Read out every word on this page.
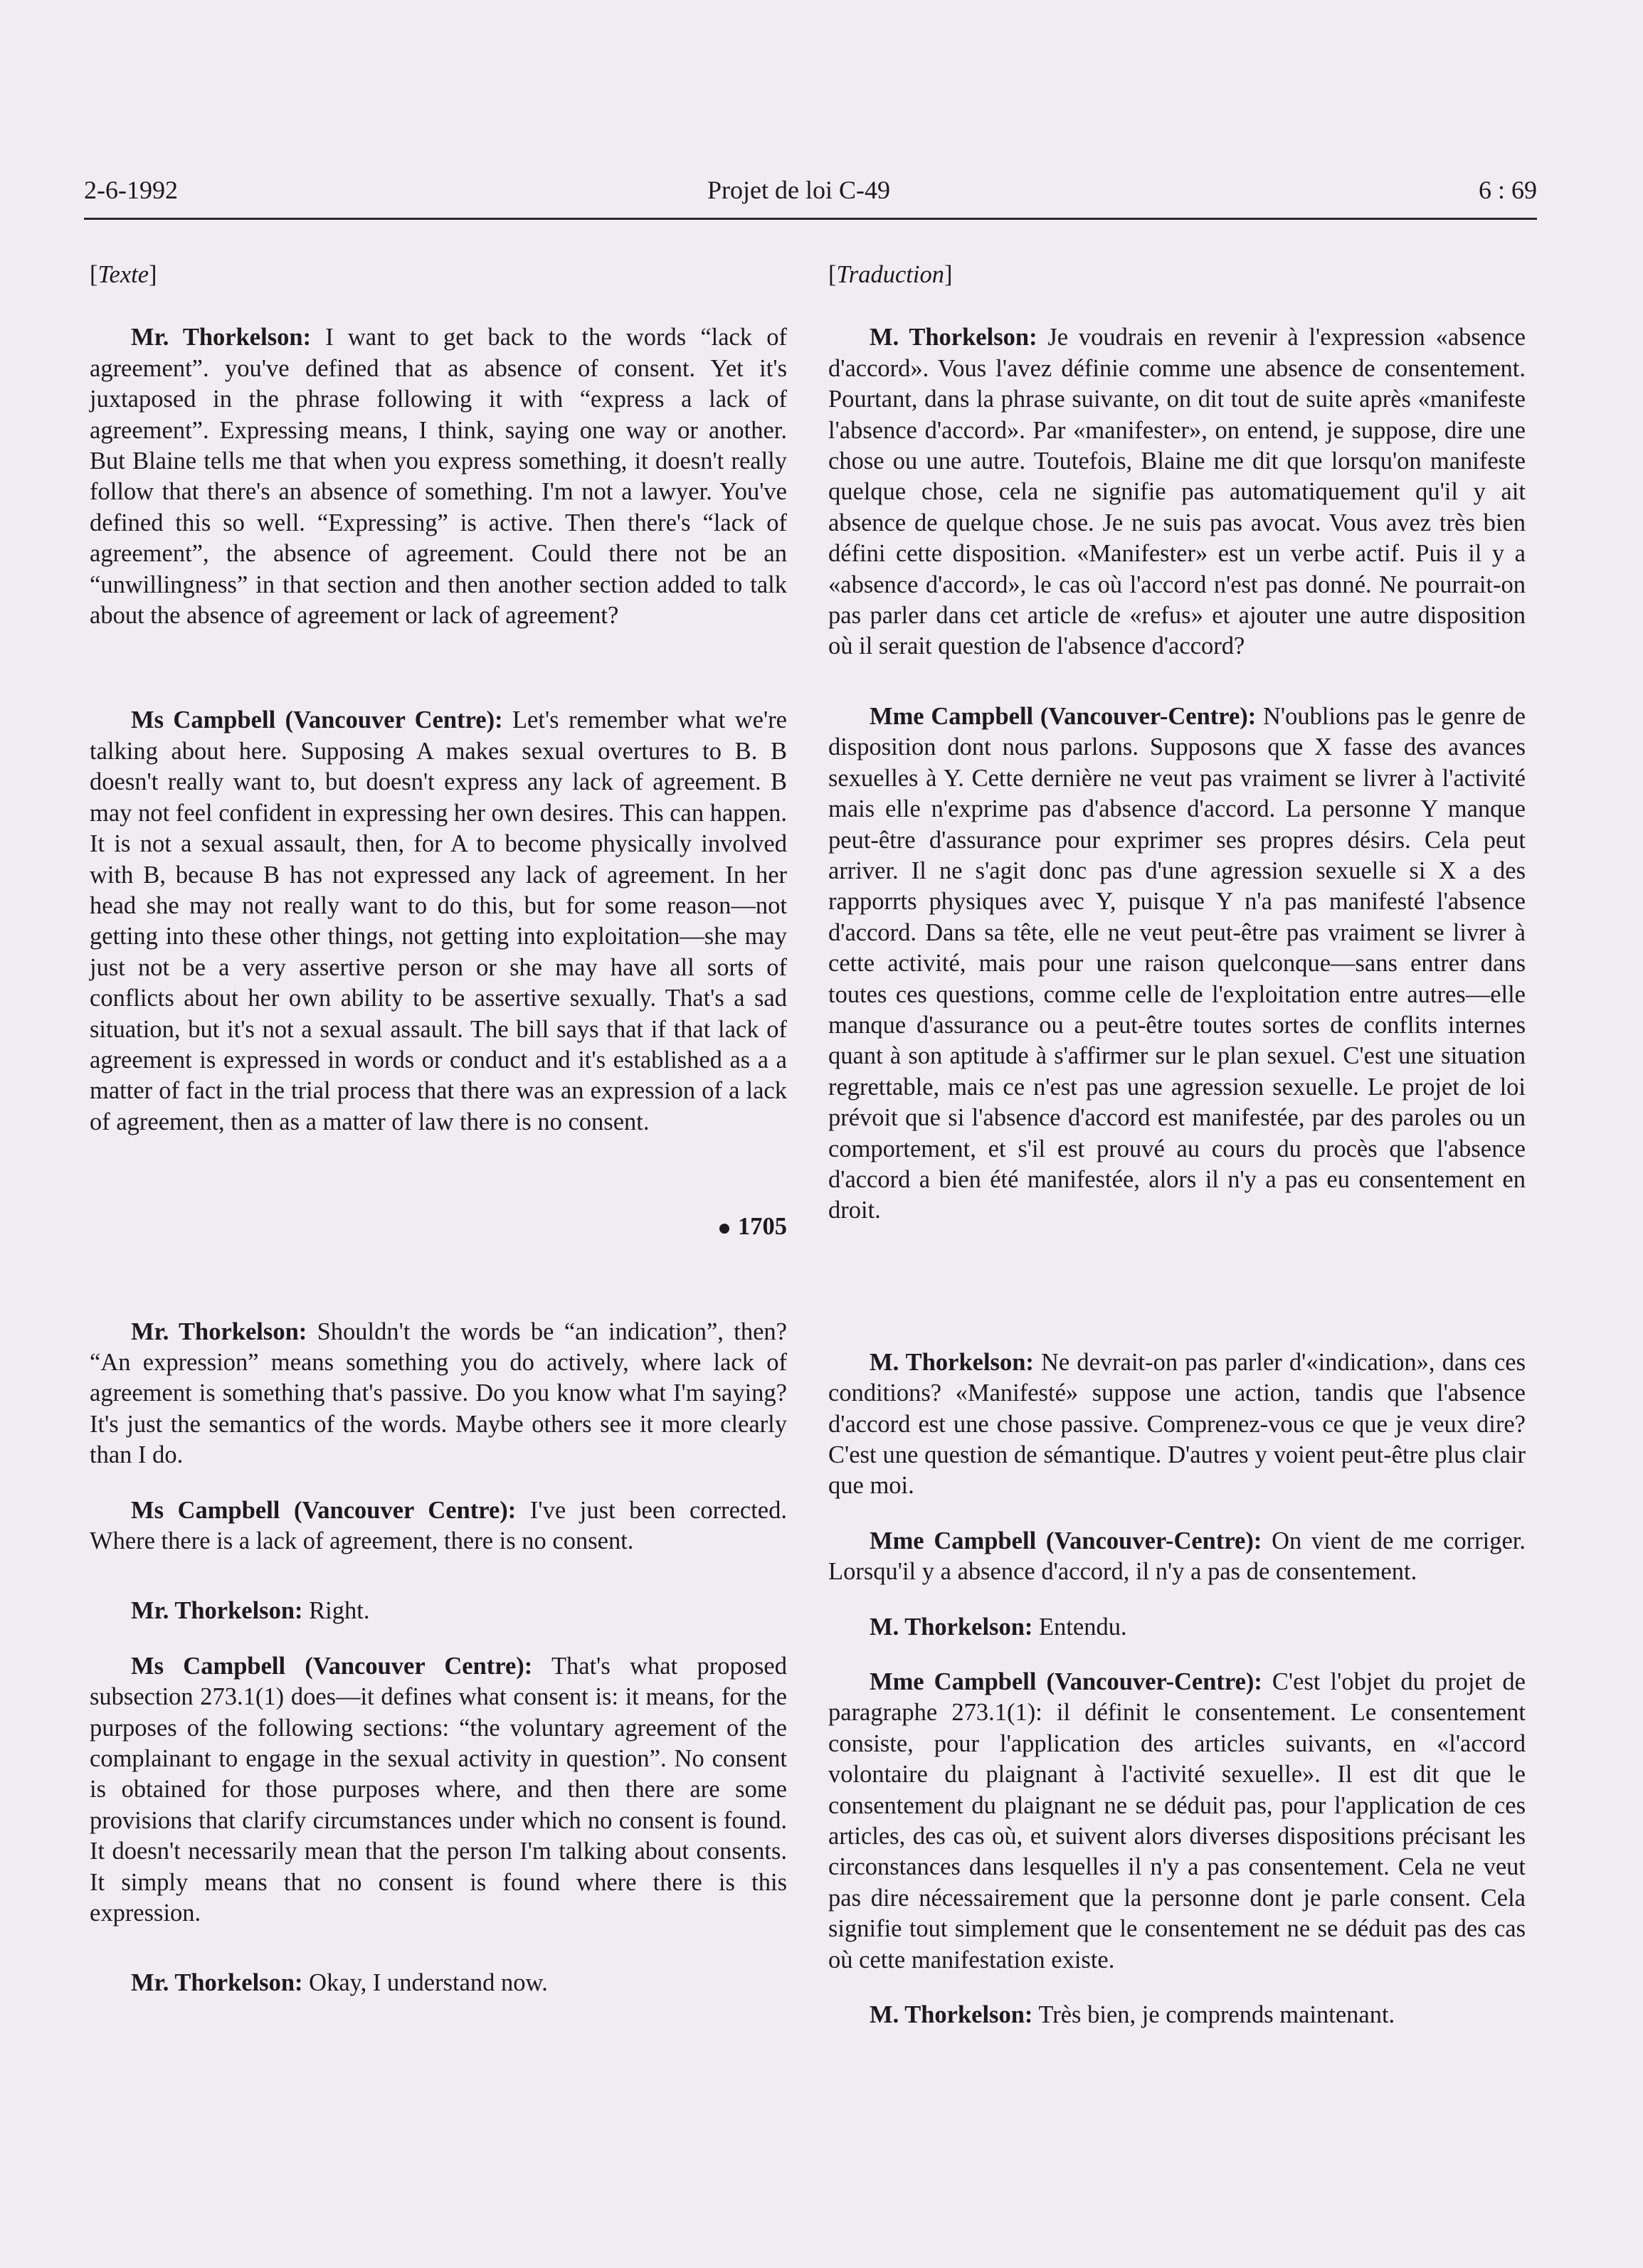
2-6-1992	Projet de loi C-49	6 : 69

[Texte]

Mr. Thorkelson: I want to get back to the words “lack of agreement”. you've defined that as absence of consent. Yet it's juxtaposed in the phrase following it with “express a lack of agreement”. Expressing means, I think, saying one way or another. But Blaine tells me that when you express something, it doesn't really follow that there's an absence of something. I'm not a lawyer. You've defined this so well. “Expressing” is active. Then there's “lack of agreement”, the absence of agreement. Could there not be an “unwillingness” in that section and then another section added to talk about the absence of agreement or lack of agreement?

Ms Campbell (Vancouver Centre): Let's remember what we're talking about here. Supposing A makes sexual overtures to B. B doesn't really want to, but doesn't express any lack of agreement. B may not feel confident in expressing her own desires. This can happen. It is not a sexual assault, then, for A to become physically involved with B, because B has not expressed any lack of agreement. In her head she may not really want to do this, but for some reason—not getting into these other things, not getting into exploitation—she may just not be a very assertive person or she may have all sorts of conflicts about her own ability to be assertive sexually. That's a sad situation, but it's not a sexual assault. The bill says that if that lack of agreement is expressed in words or conduct and it's established as a a matter of fact in the trial process that there was an expression of a lack of agreement, then as a matter of law there is no consent.

1705

Mr. Thorkelson: Shouldn't the words be “an indication”, then? “An expression” means something you do actively, where lack of agreement is something that's passive. Do you know what I'm saying? It's just the semantics of the words. Maybe others see it more clearly than I do.

Ms Campbell (Vancouver Centre): I've just been corrected. Where there is a lack of agreement, there is no consent.

Mr. Thorkelson: Right.

Ms Campbell (Vancouver Centre): That's what proposed subsection 273.1(1) does—it defines what consent is: it means, for the purposes of the following sections: “the voluntary agreement of the complainant to engage in the sexual activity in question”. No consent is obtained for those purposes where, and then there are some provisions that clarify circumstances under which no consent is found. It doesn't necessarily mean that the person I'm talking about consents. It simply means that no consent is found where there is this expression.

Mr. Thorkelson: Okay, I understand now.

[Traduction]

M. Thorkelson: Je voudrais en revenir à l'expression «absence d'accord». Vous l'avez définie comme une absence de consentement. Pourtant, dans la phrase suivante, on dit tout de suite après «manifeste l'absence d'accord». Par «manifester», on entend, je suppose, dire une chose ou une autre. Toutefois, Blaine me dit que lorsqu'on manifeste quelque chose, cela ne signifie pas automatiquement qu'il y ait absence de quelque chose. Je ne suis pas avocat. Vous avez très bien défini cette disposition. «Manifester» est un verbe actif. Puis il y a «absence d'accord», le cas où l'accord n'est pas donné. Ne pourrait-on pas parler dans cet article de «refus» et ajouter une autre disposition où il serait question de l'absence d'accord?

Mme Campbell (Vancouver-Centre): N'oublions pas le genre de disposition dont nous parlons. Supposons que X fasse des avances sexuelles à Y. Cette dernière ne veut pas vraiment se livrer à l'activité mais elle n'exprime pas d'absence d'accord. La personne Y manque peut-être d'assurance pour exprimer ses propres désirs. Cela peut arriver. Il ne s'agit donc pas d'une agression sexuelle si X a des rapporrts physiques avec Y, puisque Y n'a pas manifesté l'absence d'accord. Dans sa tête, elle ne veut peut-être pas vraiment se livrer à cette activité, mais pour une raison quelconque—sans entrer dans toutes ces questions, comme celle de l'exploitation entre autres—elle manque d'assurance ou a peut-être toutes sortes de conflits internes quant à son aptitude à s'affirmer sur le plan sexuel. C'est une situation regrettable, mais ce n'est pas une agression sexuelle. Le projet de loi prévoit que si l'absence d'accord est manifestée, par des paroles ou un comportement, et s'il est prouvé au cours du procès que l'absence d'accord a bien été manifestée, alors il n'y a pas eu consentement en droit.

M. Thorkelson: Ne devrait-on pas parler d'«indication», dans ces conditions? «Manifesté» suppose une action, tandis que l'absence d'accord est une chose passive. Comprenez-vous ce que je veux dire? C'est une question de sémantique. D'autres y voient peut-être plus clair que moi.

Mme Campbell (Vancouver-Centre): On vient de me corriger. Lorsqu'il y a absence d'accord, il n'y a pas de consentement.

M. Thorkelson: Entendu.

Mme Campbell (Vancouver-Centre): C'est l'objet du projet de paragraphe 273.1(1): il définit le consentement. Le consentement consiste, pour l'application des articles suivants, en «l'accord volontaire du plaignant à l'activité sexuelle». Il est dit que le consentement du plaignant ne se déduit pas, pour l'application de ces articles, des cas où, et suivent alors diverses dispositions précisant les circonstances dans lesquelles il n'y a pas consentement. Cela ne veut pas dire nécessairement que la personne dont je parle consent. Cela signifie tout simplement que le consentement ne se déduit pas des cas où cette manifestation existe.

M. Thorkelson: Très bien, je comprends maintenant.
